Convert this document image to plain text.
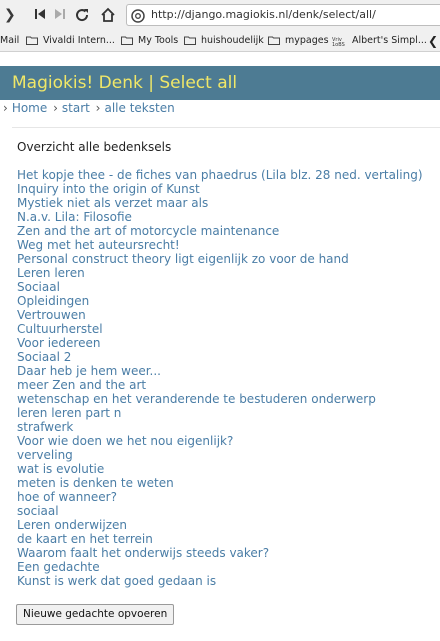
❯	http://django.magiokis.nl/denk/select/all/
Mail Vivaldi Intern... My Tools huishoudelijk mypages Vriv
1oBS Albert's Simpl... ❮
Magiokis! Denk | Select all
› Home › start › alle teksten
Overzicht alle bedenksels
Het kopje thee - de fiches van phaedrus (Lila blz. 28 ned. vertaling)
Inquiry into the origin of Kunst
Mystiek niet als verzet maar als
N.a.v. Lila: Filosofie
Zen and the art of motorcycle maintenance
Weg met het auteursrecht!
Personal construct theory ligt eigenlijk zo voor de hand
Leren leren
Sociaal
Opleidingen
Vertrouwen
Cultuurherstel
Voor iedereen
Sociaal 2
Daar heb je hem weer...
meer Zen and the art
wetenschap en het veranderende te bestuderen onderwerp
leren leren part n
strafwerk
Voor wie doen we het nou eigenlijk?
verveling
wat is evolutie
meten is denken te weten
hoe of wanneer?
sociaal
Leren onderwijzen
de kaart en het terrein
Waarom faalt het onderwijs steeds vaker?
Een gedachte
Kunst is werk dat goed gedaan is
Nieuwe gedachte opvoeren
